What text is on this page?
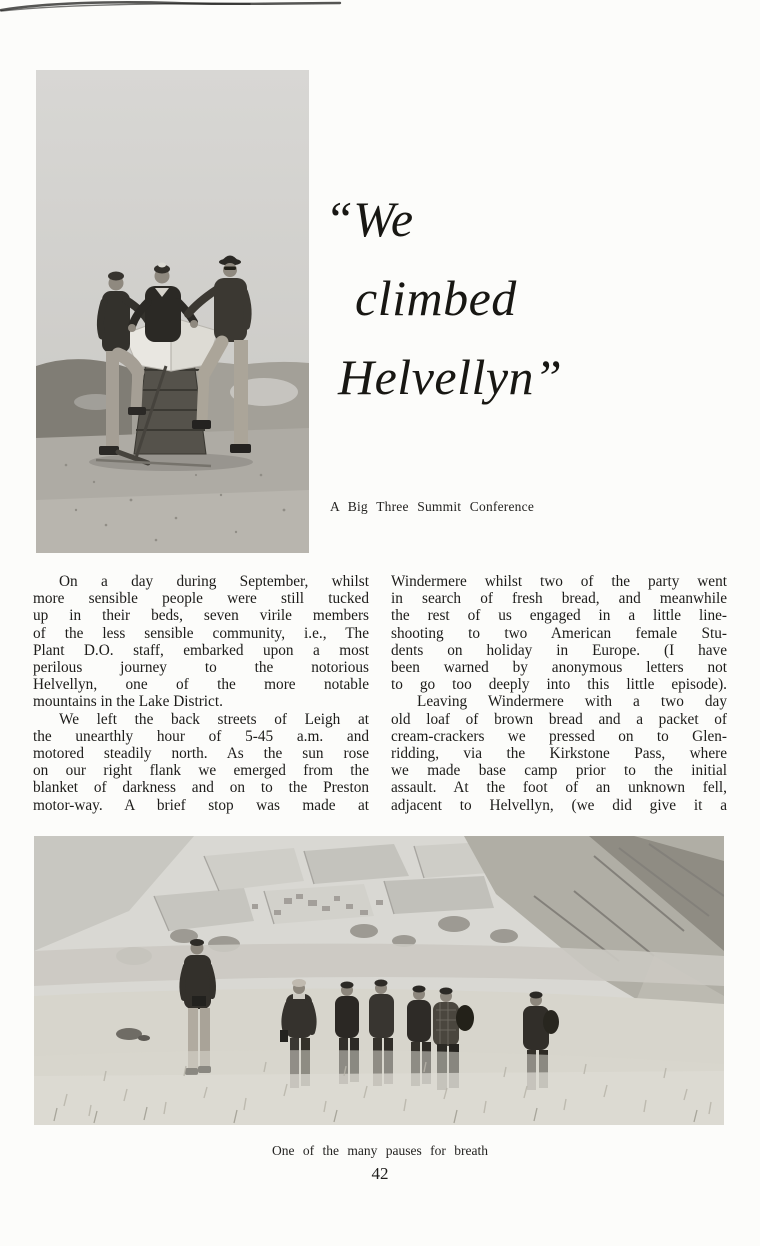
“We
climbed
Helvellyn”
A Big Three Summit Conference
On a day during September, whilst
more sensible people were still tucked
up in their beds, seven virile members
of the less sensible community, i.e., The
Plant D.O. staff, embarked upon a most
perilous journey to the notorious
Helvellyn, one of the more notable
mountains in the Lake District.
We left the back streets of Leigh at
the unearthly hour of 5-45 a.m. and
motored steadily north. As the sun rose
on our right flank we emerged from the
blanket of darkness and on to the Preston
motor-way. A brief stop was made at
Windermere whilst two of the party went
in search of fresh bread, and meanwhile
the rest of us engaged in a little line-
shooting to two American female Stu-
dents on holiday in Europe. (I have
been warned by anonymous letters not
to go too deeply into this little episode).
Leaving Windermere with a two day
old loaf of brown bread and a packet of
cream-crackers we pressed on to Glen-
ridding, via the Kirkstone Pass, where
we made base camp prior to the initial
assault. At the foot of an unknown fell,
adjacent to Helvellyn, (we did give it a
One of the many pauses for breath
42
